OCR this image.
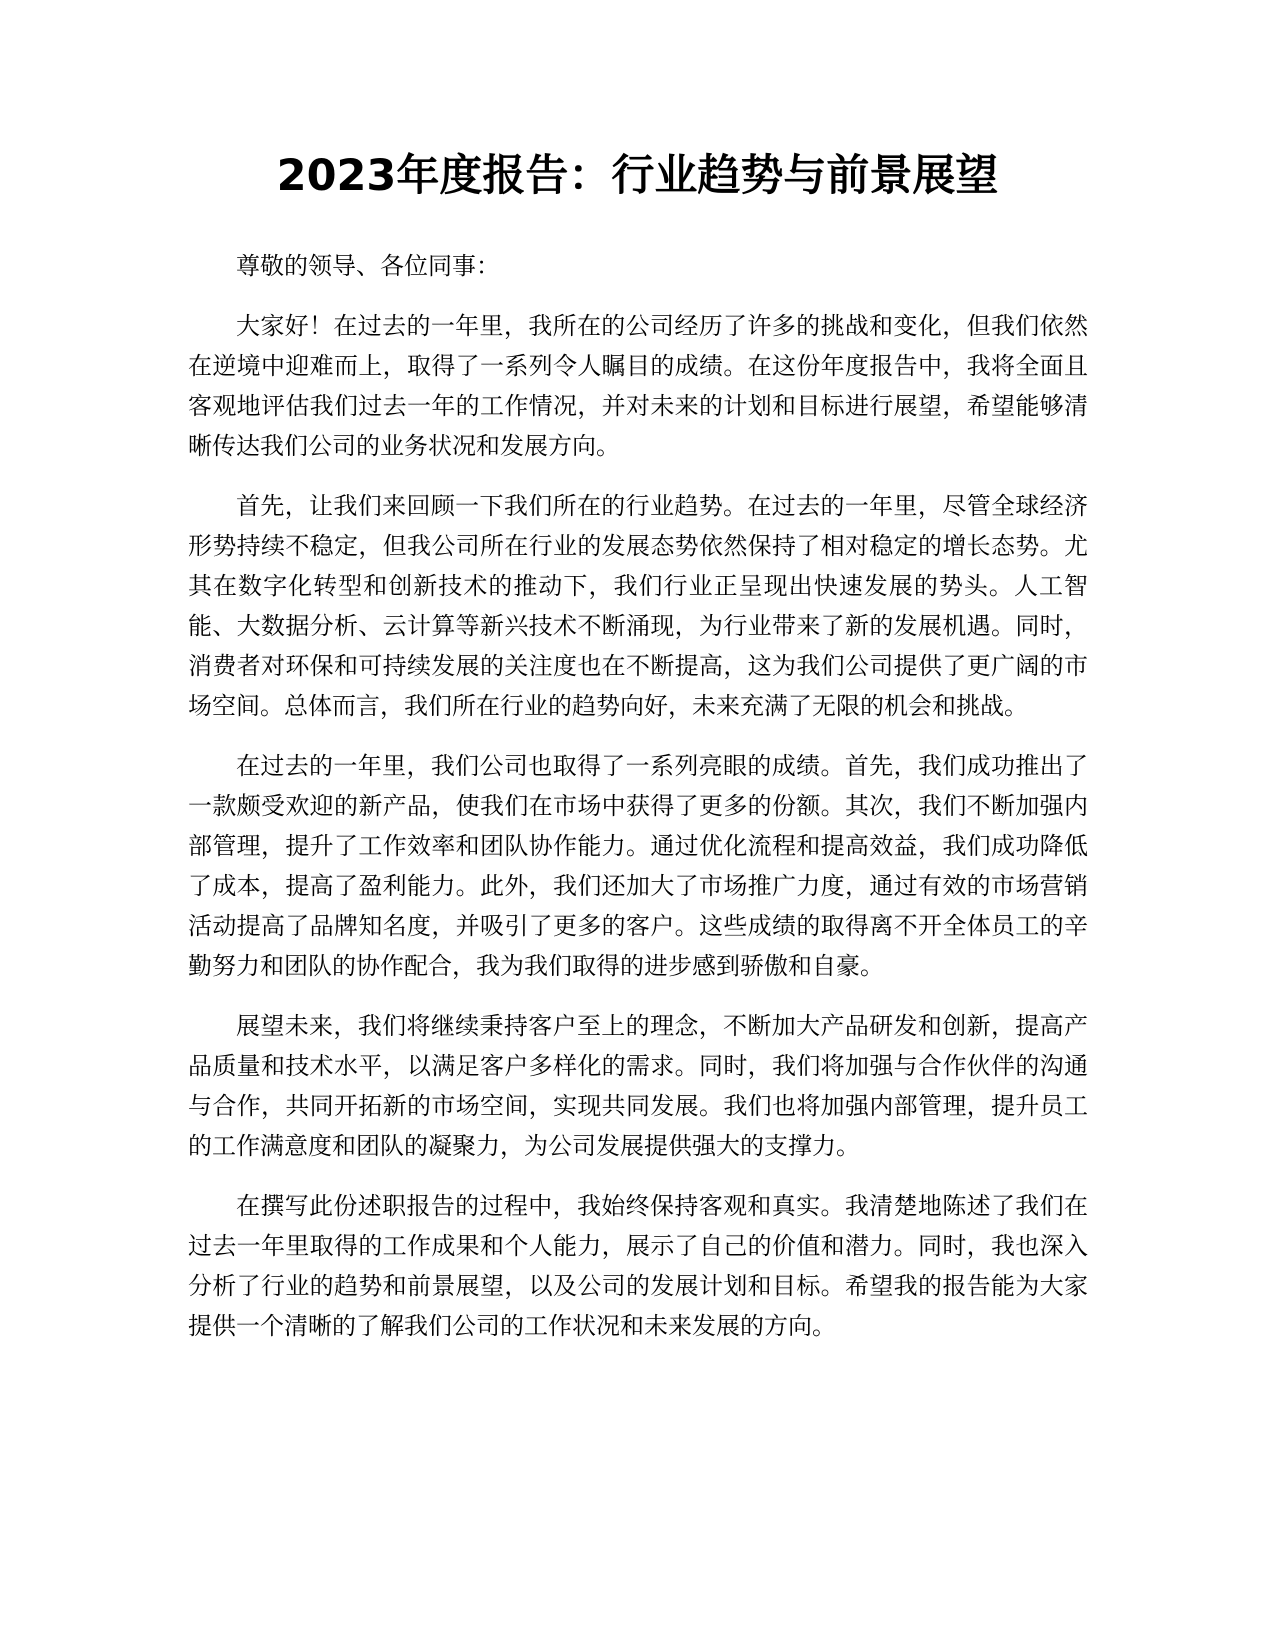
2023年度报告：行业趋势与前景展望

尊敬的领导、各位同事：

大家好！在过去的一年里，我所在的公司经历了许多的挑战和变化，但我们依然在逆境中迎难而上，取得了一系列令人瞩目的成绩。在这份年度报告中，我将全面且客观地评估我们过去一年的工作情况，并对未来的计划和目标进行展望，希望能够清晰传达我们公司的业务状况和发展方向。

首先，让我们来回顾一下我们所在的行业趋势。在过去的一年里，尽管全球经济形势持续不稳定，但我公司所在行业的发展态势依然保持了相对稳定的增长态势。尤其在数字化转型和创新技术的推动下，我们行业正呈现出快速发展的势头。人工智能、大数据分析、云计算等新兴技术不断涌现，为行业带来了新的发展机遇。同时，消费者对环保和可持续发展的关注度也在不断提高，这为我们公司提供了更广阔的市场空间。总体而言，我们所在行业的趋势向好，未来充满了无限的机会和挑战。

在过去的一年里，我们公司也取得了一系列亮眼的成绩。首先，我们成功推出了一款颇受欢迎的新产品，使我们在市场中获得了更多的份额。其次，我们不断加强内部管理，提升了工作效率和团队协作能力。通过优化流程和提高效益，我们成功降低了成本，提高了盈利能力。此外，我们还加大了市场推广力度，通过有效的市场营销活动提高了品牌知名度，并吸引了更多的客户。这些成绩的取得离不开全体员工的辛勤努力和团队的协作配合，我为我们取得的进步感到骄傲和自豪。

展望未来，我们将继续秉持客户至上的理念，不断加大产品研发和创新，提高产品质量和技术水平，以满足客户多样化的需求。同时，我们将加强与合作伙伴的沟通与合作，共同开拓新的市场空间，实现共同发展。我们也将加强内部管理，提升员工的工作满意度和团队的凝聚力，为公司发展提供强大的支撑力。

在撰写此份述职报告的过程中，我始终保持客观和真实。我清楚地陈述了我们在过去一年里取得的工作成果和个人能力，展示了自己的价值和潜力。同时，我也深入分析了行业的趋势和前景展望，以及公司的发展计划和目标。希望我的报告能为大家提供一个清晰的了解我们公司的工作状况和未来发展的方向。
